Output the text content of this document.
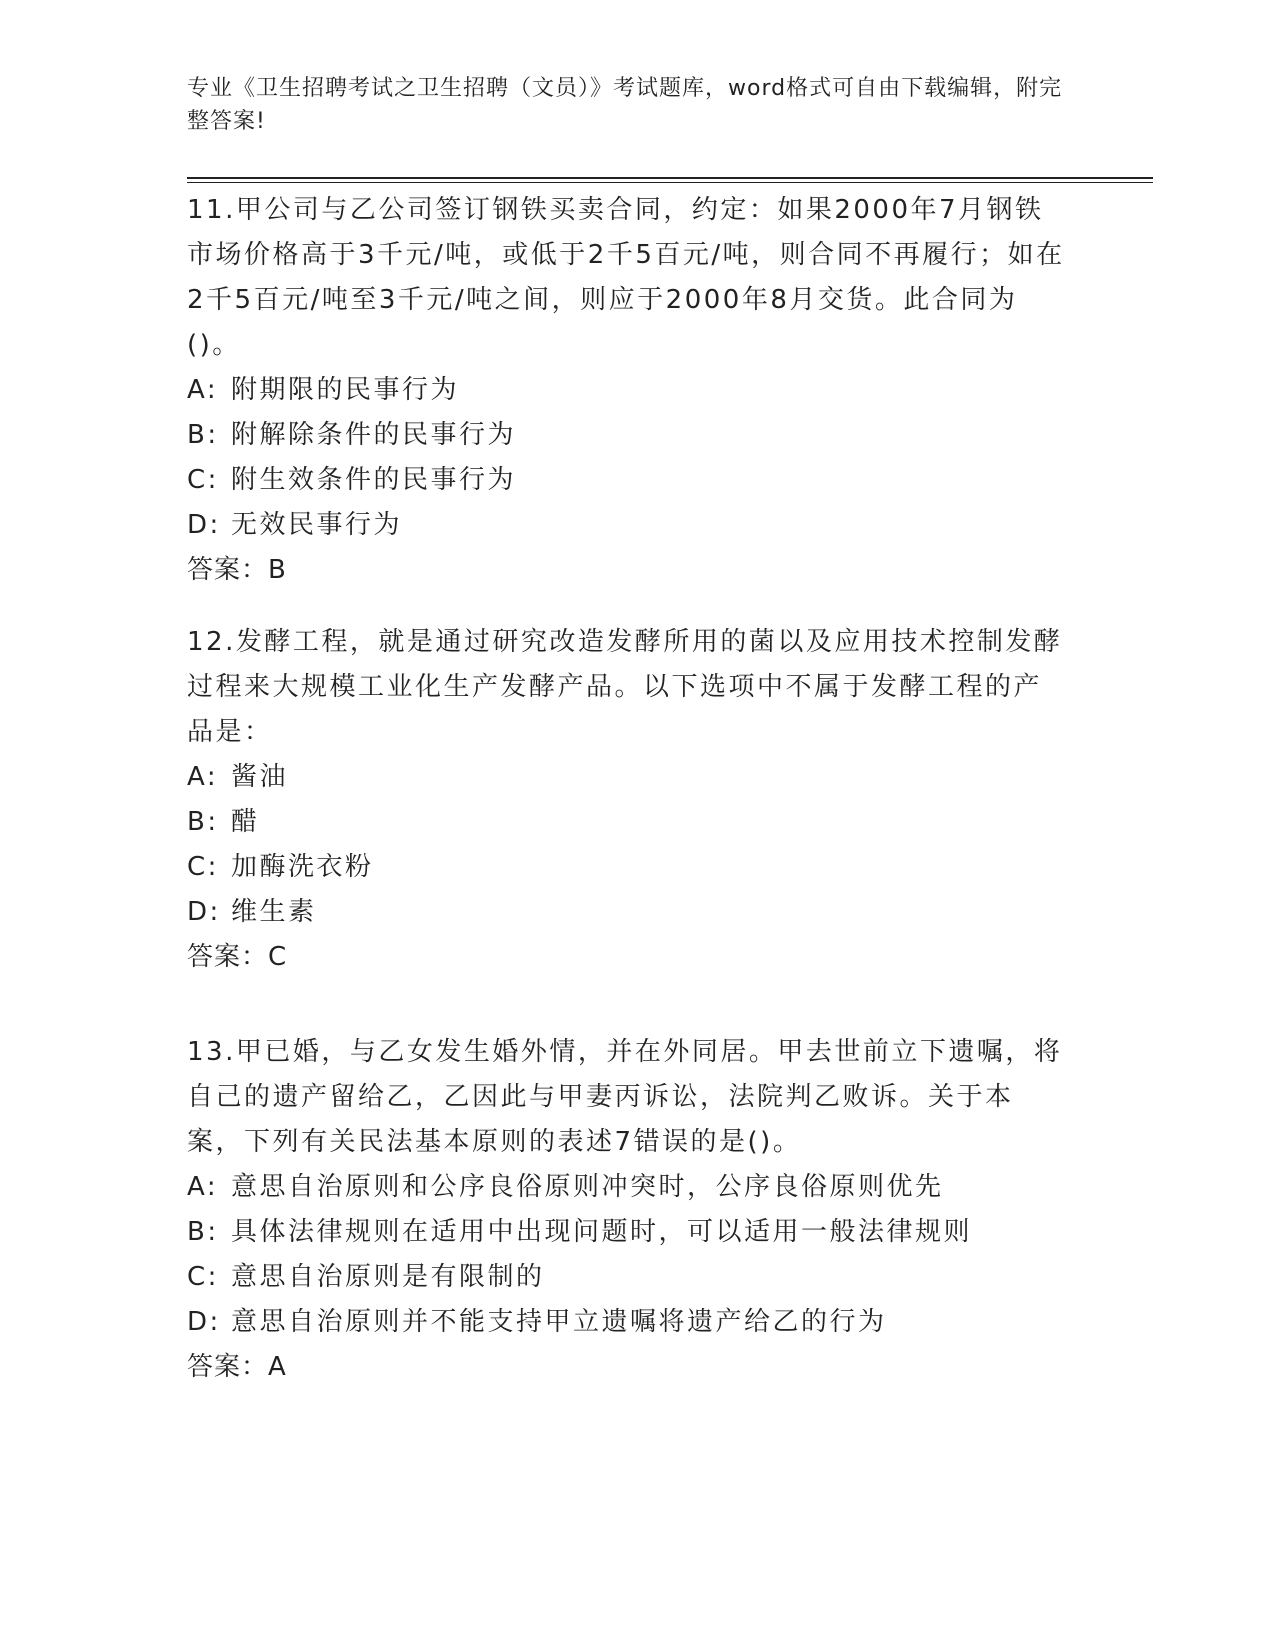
专业《卫生招聘考试之卫生招聘（文员）》考试题库，word格式可自由下载编辑，附完整答案!

11.甲公司与乙公司签订钢铁买卖合同，约定：如果2000年7月钢铁市场价格高于3千元/吨，或低于2千5百元/吨，则合同不再履行；如在2千5百元/吨至3千元/吨之间，则应于2000年8月交货。此合同为()。

A: 附期限的民事行为

B: 附解除条件的民事行为

C: 附生效条件的民事行为

D: 无效民事行为

答案：B

12.发酵工程，就是通过研究改造发酵所用的菌以及应用技术控制发酵过程来大规模工业化生产发酵产品。以下选项中不属于发酵工程的产品是：

A: 酱油

B: 醋

C: 加酶洗衣粉

D: 维生素

答案：C

13.甲已婚，与乙女发生婚外情，并在外同居。甲去世前立下遗嘱，将自己的遗产留给乙，乙因此与甲妻丙诉讼，法院判乙败诉。关于本案，下列有关民法基本原则的表述7错误的是()。

A: 意思自治原则和公序良俗原则冲突时，公序良俗原则优先

B: 具体法律规则在适用中出现问题时，可以适用一般法律规则

C: 意思自治原则是有限制的

D: 意思自治原则并不能支持甲立遗嘱将遗产给乙的行为

答案：A
